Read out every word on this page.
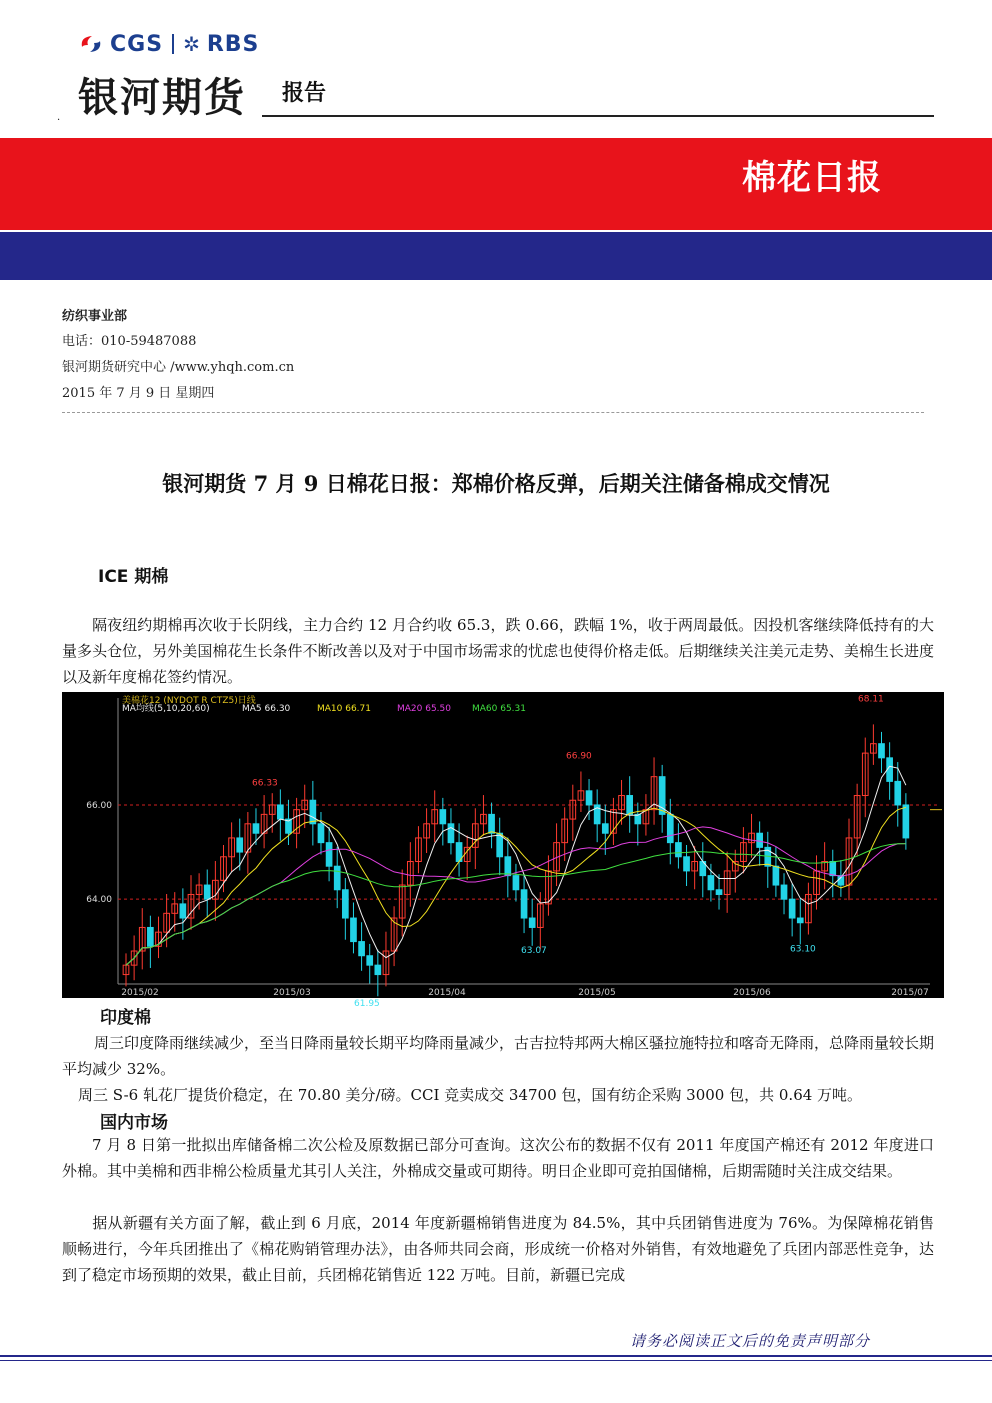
CGS ✲ RBS
银河期货 报告
.
棉花日报
纺织事业部
电话：010-59487088
银河期货研究中心 /www.yhqh.com.cn
2015 年 7 月 9 日 星期四
银河期货 7 月 9 日棉花日报：郑棉价格反弹，后期关注储备棉成交情况
ICE 期棉
隔夜纽约期棉再次收于长阴线，主力合约 12 月合约收 65.3，跌 0.66，跌幅 1%，收于两周最低。因投机客继续降低持有的大量多头仓位，另外美国棉花生长条件不断改善以及对于中国市场需求的忧虑也使得价格走低。后期继续关注美元走势、美棉生长进度以及新年度棉花签约情况。
64.00
66.00
2015/02	2015/03	2015/04	2015/05	2015/06	2015/07
美棉花12 (NYDOT R CTZ5)日线
MA均线(5,10,20,60)	MA5 66.30	MA10 66.71	MA20 65.50 MA60 65.31
66.33
61.95
66.90
63.07	63.10
68.11
印度棉
周三印度降雨继续减少，至当日降雨量较长期平均降雨量减少，古吉拉特邦两大棉区骚拉施特拉和喀奇无降雨，总降雨量较长期平均减少 32%。
周三 S-6 轧花厂提货价稳定，在 70.80 美分/磅。CCI 竞卖成交 34700 包，国有纺企采购 3000 包，共 0.64 万吨。
国内市场
7 月 8 日第一批拟出库储备棉二次公检及原数据已部分可查询。这次公布的数据不仅有 2011 年度国产棉还有 2012 年度进口外棉。其中美棉和西非棉公检质量尤其引人关注，外棉成交量或可期待。明日企业即可竞拍国储棉，后期需随时关注成交结果。
据从新疆有关方面了解，截止到 6 月底，2014 年度新疆棉销售进度为 84.5%，其中兵团销售进度为 76%。为保障棉花销售顺畅进行，今年兵团推出了《棉花购销管理办法》，由各师共同会商，形成统一价格对外销售，有效地避免了兵团内部恶性竞争，达到了稳定市场预期的效果，截止目前，兵团棉花销售近 122 万吨。目前，新疆已完成
请务必阅读正文后的免责声明部分
